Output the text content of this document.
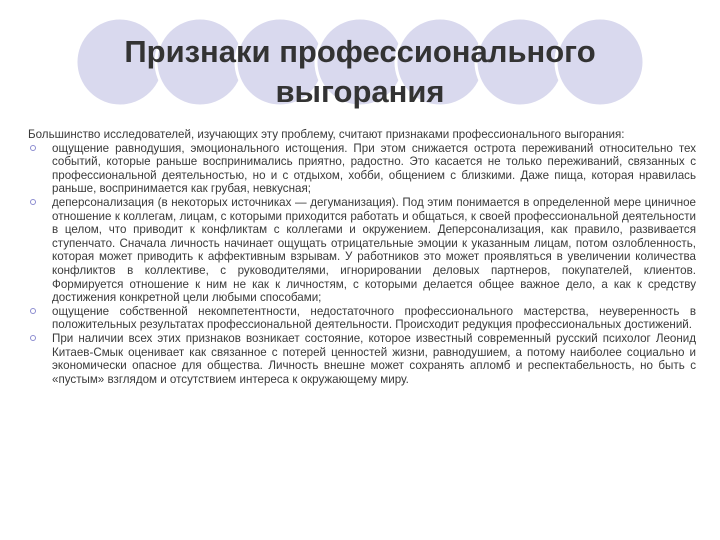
Признаки профессионального
выгорания

Большинство исследователей, изучающих эту проблему, считают признаками профессионального выгорания:

ощущение равнодушия, эмоционального истощения. При этом снижается острота переживаний относительно тех событий, которые раньше воспринимались приятно, радостно. Это касается не только переживаний, связанных с профессиональной деятельностью, но и с отдыхом, хобби, общением с близкими. Даже пища, которая нравилась раньше, воспринимается как грубая, невкусная;
деперсонализация (в некоторых источниках — дегуманизация). Под этим понимается в определенной мере циничное отношение к коллегам, лицам, с которыми приходится работать и общаться, к своей профессиональной деятельности в целом, что приводит к конфликтам с коллегами и окружением. Деперсонализация, как правило, развивается ступенчато. Сначала личность начинает ощущать отрицательные эмоции к указанным лицам, потом озлобленность, которая может приводить к аффективным взрывам. У работников это может проявляться в увеличении количества конфликтов в коллективе, с руководителями, игнорировании деловых партнеров, покупателей, клиентов. Формируется отношение к ним не как к личностям, с которыми делается общее важное дело, а как к средству достижения конкретной цели любыми способами;
ощущение собственной некомпетентности, недостаточного профессионального мастерства, неуверенность в положительных результатах профессиональной деятельности. Происходит редукция профессиональных достижений.
При наличии всех этих признаков возникает состояние, которое известный современный русский психолог Леонид Китаев-Смык оценивает как связанное с потерей ценностей жизни, равнодушием, а потому наиболее социально и экономически опасное для общества. Личность внешне может сохранять апломб и респектабельность, но быть с «пустым» взглядом и отсутствием интереса к окружающему миру.
